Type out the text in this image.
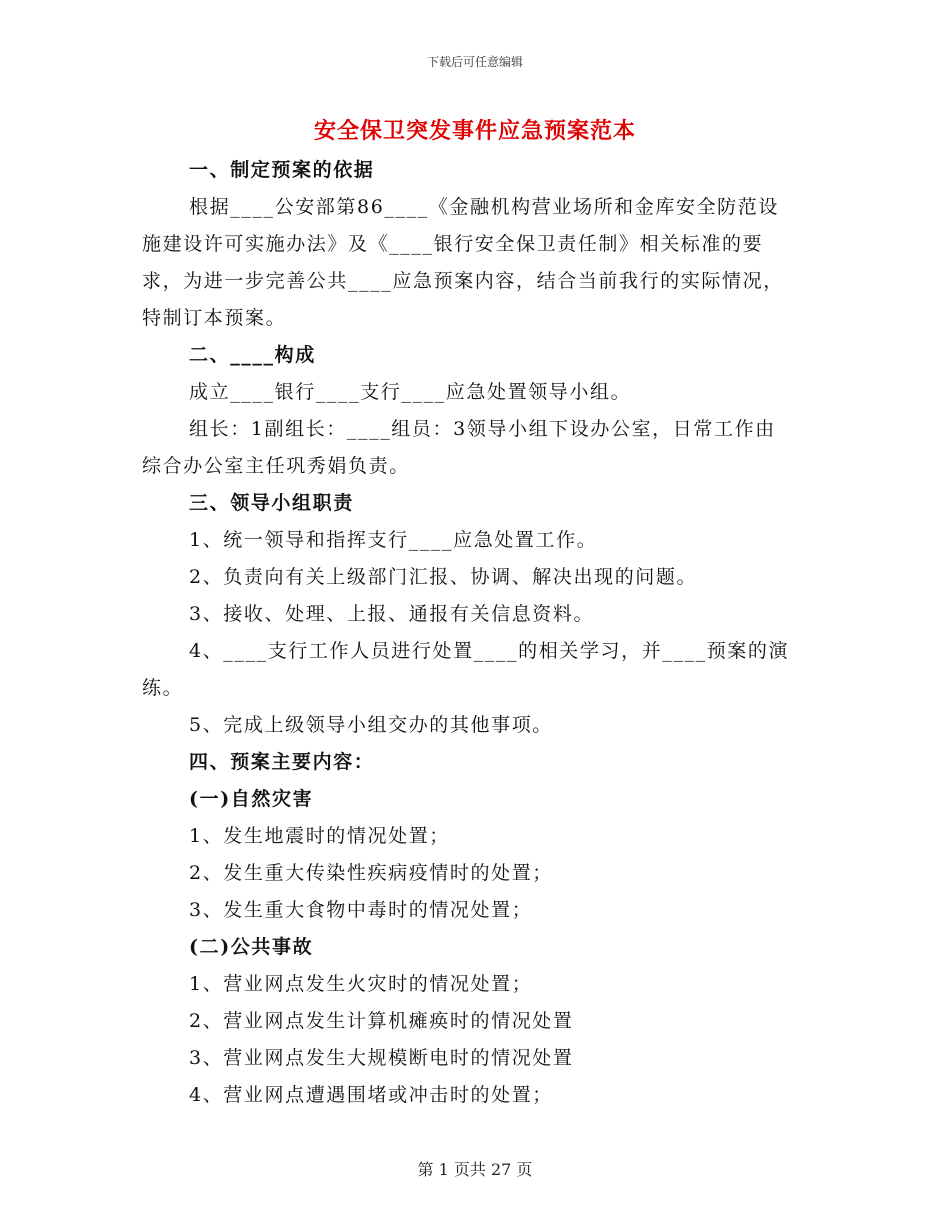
下载后可任意编辑
安全保卫突发事件应急预案范本
一、制定预案的依据
根据____公安部第86____《金融机构营业场所和金库安全防范设
施建设许可实施办法》及《____银行安全保卫责任制》相关标准的要
求，为进一步完善公共____应急预案内容，结合当前我行的实际情况，
特制订本预案。
二、____构成
成立____银行____支行____应急处置领导小组。
组长：1副组长：____组员：3领导小组下设办公室，日常工作由
综合办公室主任巩秀娟负责。
三、领导小组职责
1、统一领导和指挥支行____应急处置工作。
2、负责向有关上级部门汇报、协调、解决出现的问题。
3、接收、处理、上报、通报有关信息资料。
4、____支行工作人员进行处置____的相关学习，并____预案的演
练。
5、完成上级领导小组交办的其他事项。
四、预案主要内容：
(一)自然灾害
1、发生地震时的情况处置；
2、发生重大传染性疾病疫情时的处置；
3、发生重大食物中毒时的情况处置；
(二)公共事故
1、营业网点发生火灾时的情况处置；
2、营业网点发生计算机瘫痪时的情况处置
3、营业网点发生大规模断电时的情况处置
4、营业网点遭遇围堵或冲击时的处置；
第 1 页共 27 页
